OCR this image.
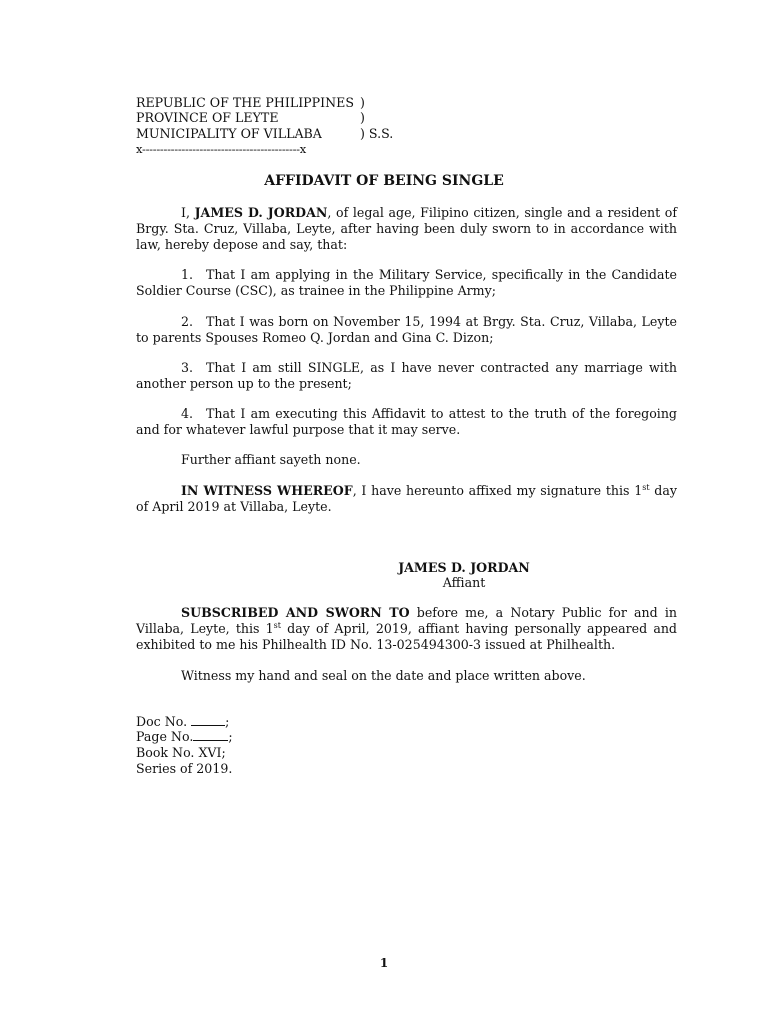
REPUBLIC OF THE PHILIPPINES )
PROVINCE OF LEYTE	)
MUNICIPALITY OF VILLABA	) S.S.
x--------------------------------------------x
AFFIDAVIT OF BEING SINGLE
I, JAMES D. JORDAN, of legal age, Filipino citizen, single and a resident of Brgy. Sta. Cruz, Villaba, Leyte, after having been duly sworn to in accordance with law, hereby depose and say, that:
1. That I am applying in the Military Service, specifically in the Candidate Soldier Course (CSC), as trainee in the Philippine Army;
2. That I was born on November 15, 1994 at Brgy. Sta. Cruz, Villaba, Leyte to parents Spouses Romeo Q. Jordan and Gina C. Dizon;
3. That I am still SINGLE, as I have never contracted any marriage with another person up to the present;
4. That I am executing this Affidavit to attest to the truth of the foregoing and for whatever lawful purpose that it may serve.
Further affiant sayeth none.
IN WITNESS WHEREOF, I have hereunto affixed my signature this 1st day of April 2019 at Villaba, Leyte.
JAMES D. JORDAN
Affiant
SUBSCRIBED AND SWORN TO before me, a Notary Public for and in Villaba, Leyte, this 1st day of April, 2019, affiant having personally appeared and exhibited to me his Philhealth ID No. 13-025494300-3 issued at Philhealth.
Witness my hand and seal on the date and place written above.
Doc No.	;
Page No.	;
Book No. XVI;
Series of 2019.
1
